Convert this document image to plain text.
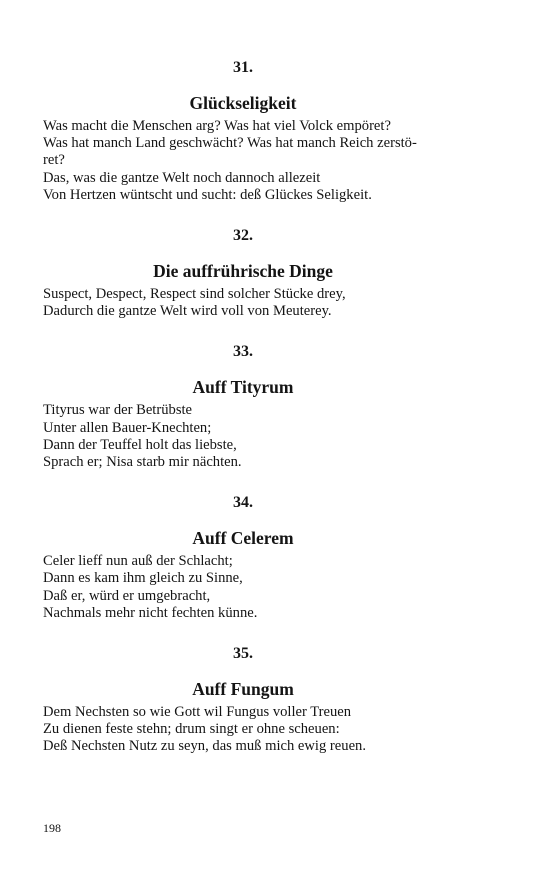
31.
Glückseligkeit
Was macht die Menschen arg? Was hat viel Volck empöret?
Was hat manch Land geschwächt? Was hat manch Reich zerstö-
ret?
Das, was die gantze Welt noch dannoch allezeit
Von Hertzen wüntscht und sucht: deß Glückes Seligkeit.
32.
Die auffrührische Dinge
Suspect, Despect, Respect sind solcher Stücke drey,
Dadurch die gantze Welt wird voll von Meuterey.
33.
Auff Tityrum
Tityrus war der Betrübste
Unter allen Bauer-Knechten;
Dann der Teuffel holt das liebste,
Sprach er; Nisa starb mir nächten.
34.
Auff Celerem
Celer lieff nun auß der Schlacht;
Dann es kam ihm gleich zu Sinne,
Daß er, würd er umgebracht,
Nachmals mehr nicht fechten künne.
35.
Auff Fungum
Dem Nechsten so wie Gott wil Fungus voller Treuen
Zu dienen feste stehn; drum singt er ohne scheuen:
Deß Nechsten Nutz zu seyn, das muß mich ewig reuen.
198
